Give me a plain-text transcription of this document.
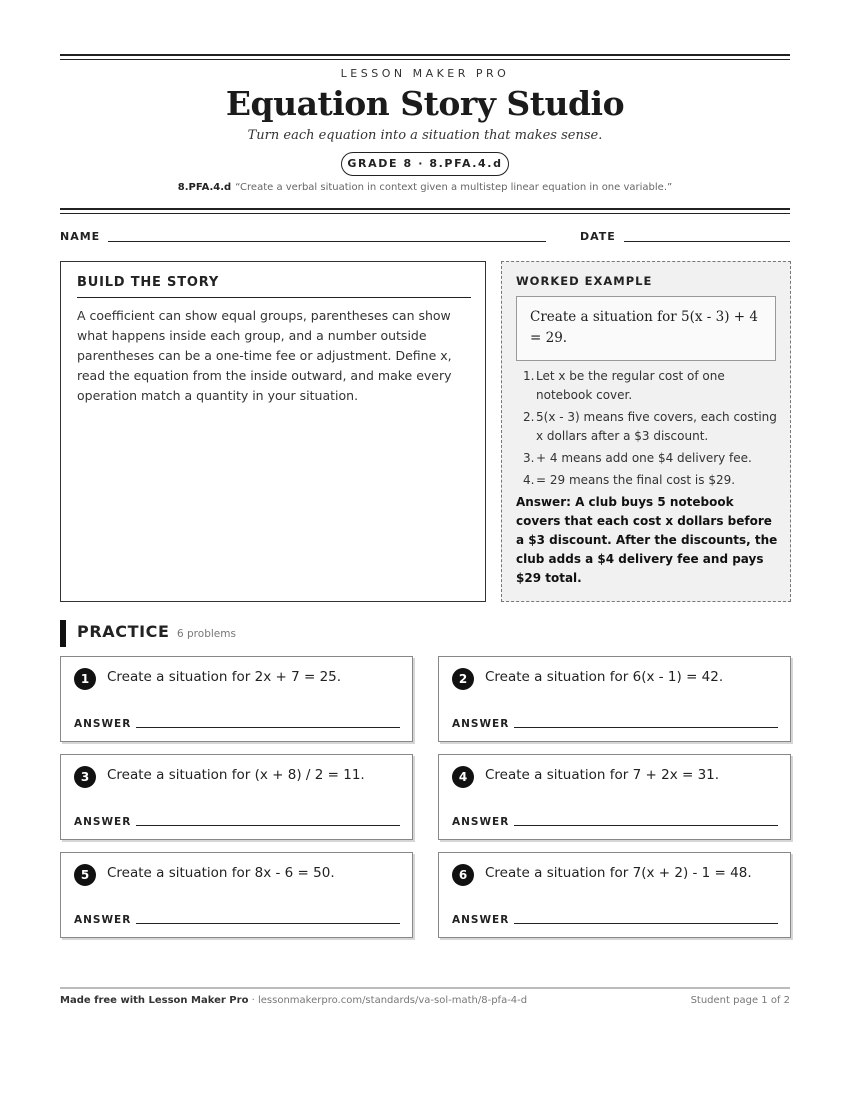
LESSON MAKER PRO
Equation Story Studio
Turn each equation into a situation that makes sense.
GRADE 8 · 8.PFA.4.d
8.PFA.4.d “Create a verbal situation in context given a multistep linear equation in one variable.”
NAME	DATE
BUILD THE STORY
A coefficient can show equal groups, parentheses can show what happens inside each group, and a number outside parentheses can be a one-time fee or adjustment. Define x, read the equation from the inside outward, and make every operation match a quantity in your situation.
WORKED EXAMPLE
Create a situation for 5(x - 3) + 4 = 29.
1. Let x be the regular cost of one notebook cover.
2. 5(x - 3) means five covers, each costing x dollars after a $3 discount.
3. + 4 means add one $4 delivery fee.
4. = 29 means the final cost is $29.
Answer: A club buys 5 notebook covers that each cost x dollars before a $3 discount. After the discounts, the club adds a $4 delivery fee and pays $29 total.
PRACTICE 6 problems
1	Create a situation for 2x + 7 = 25.
ANSWER
2	Create a situation for 6(x - 1) = 42.
ANSWER
3	Create a situation for (x + 8) / 2 = 11.
ANSWER
4	Create a situation for 7 + 2x = 31.
ANSWER
5	Create a situation for 8x - 6 = 50.
ANSWER
6	Create a situation for 7(x + 2) - 1 = 48.
ANSWER
Made free with Lesson Maker Pro · lessonmakerpro.com/standards/va-sol-math/8-pfa-4-d	Student page 1 of 2
